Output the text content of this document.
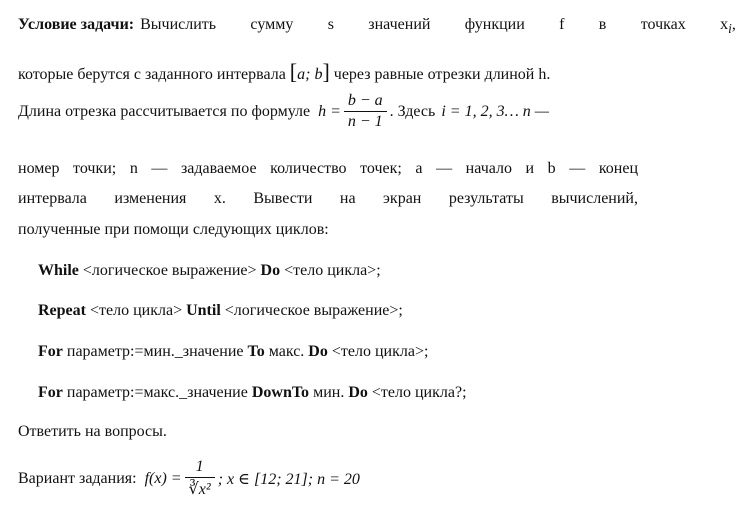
Условие задачи: Вычислить сумму s значений функции f в точках x $_i$,
которые берутся с заданного интервала [a; b] через равные отрезки длиной h.
Длина отрезка рассчитывается по формуле $h = \frac{b - a}{n - 1}$ . Здесь i = 1, 2, 3… n —
номер точки; n — задаваемое количество точек; a — начало и b — конец
интервала изменения x. Вывести на экран результаты вычислений,
полученные при помощи следующих циклов:
While <логическое выражение> Do <тело цикла>;
Repeat <тело цикла> Until <логическое выражение>;
For параметр:=мин._значение To макс. Do <тело цикла>;
For параметр:=макс._значение DownTo мин. Do <тело цикла?;
Ответить на вопросы.
Вариант задания: $f(x) = \frac{1}{\text{∛x²}}$ ; x ∈ [12; 21]; n = 20
